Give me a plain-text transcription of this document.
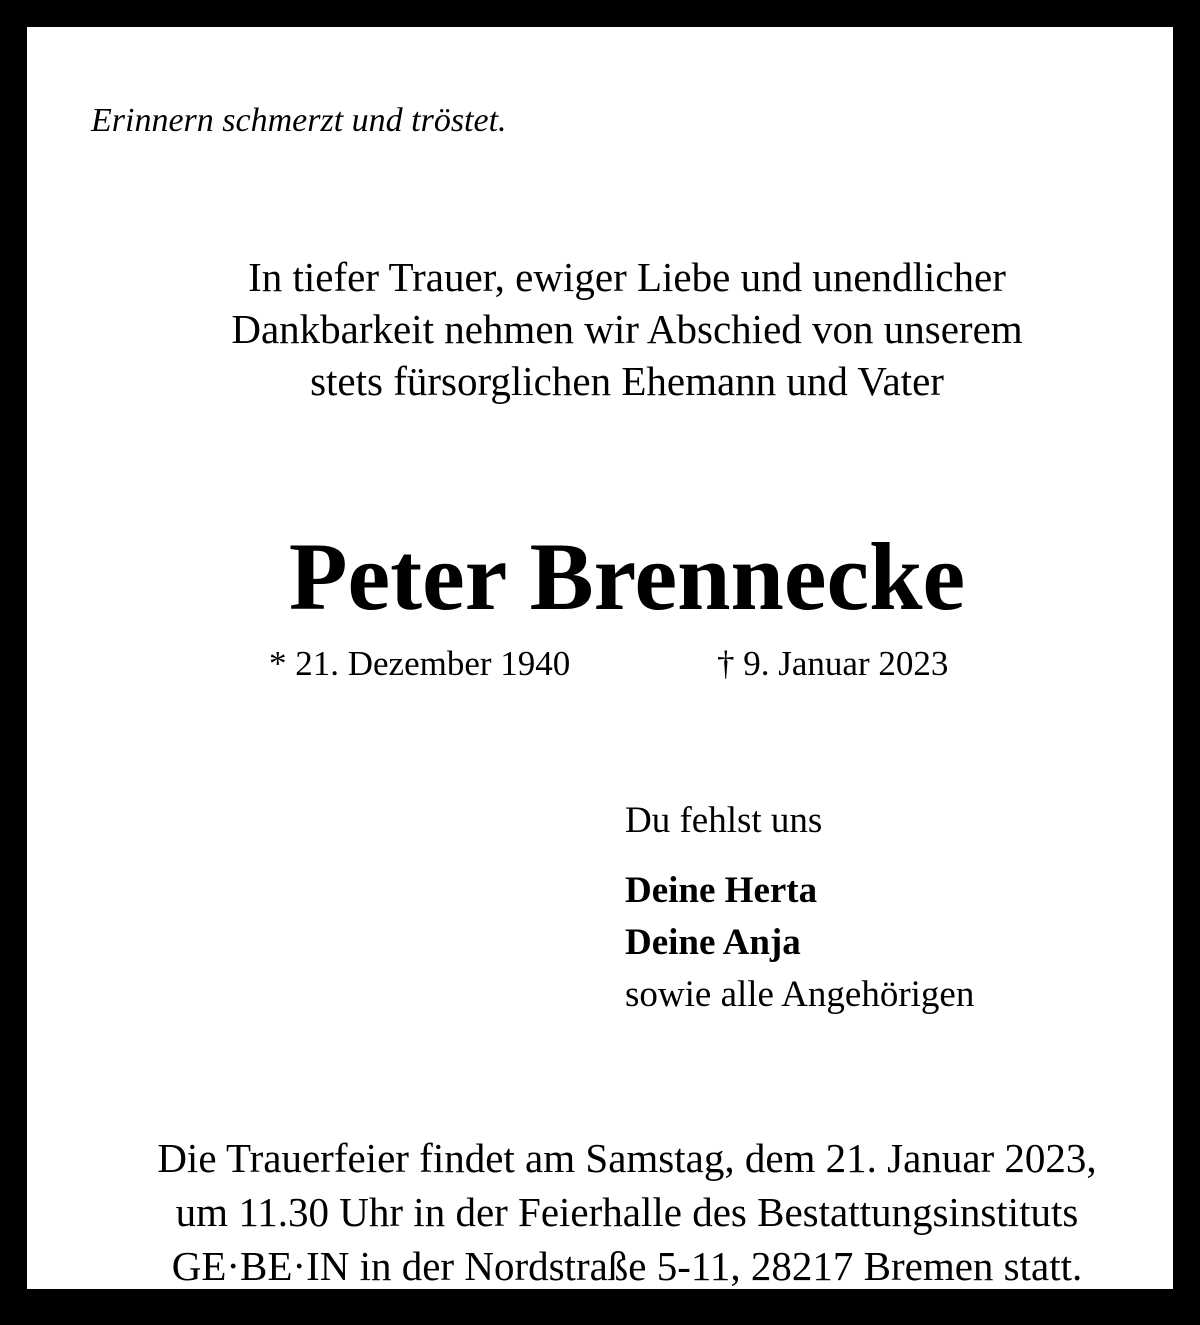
Erinnern schmerzt und tröstet.
In tiefer Trauer, ewiger Liebe und unendlicher
Dankbarkeit nehmen wir Abschied von unserem
stets fürsorglichen Ehemann und Vater
Peter Brennecke
* 21. Dezember 1940	† 9. Januar 2023
Du fehlst uns
Deine Herta
Deine Anja
sowie alle Angehörigen
Die Trauerfeier findet am Samstag, dem 21. Januar 2023,
um 11.30 Uhr in der Feierhalle des Bestattungsinstituts
GE·BE·IN in der Nordstraße 5-11, 28217 Bremen statt.
